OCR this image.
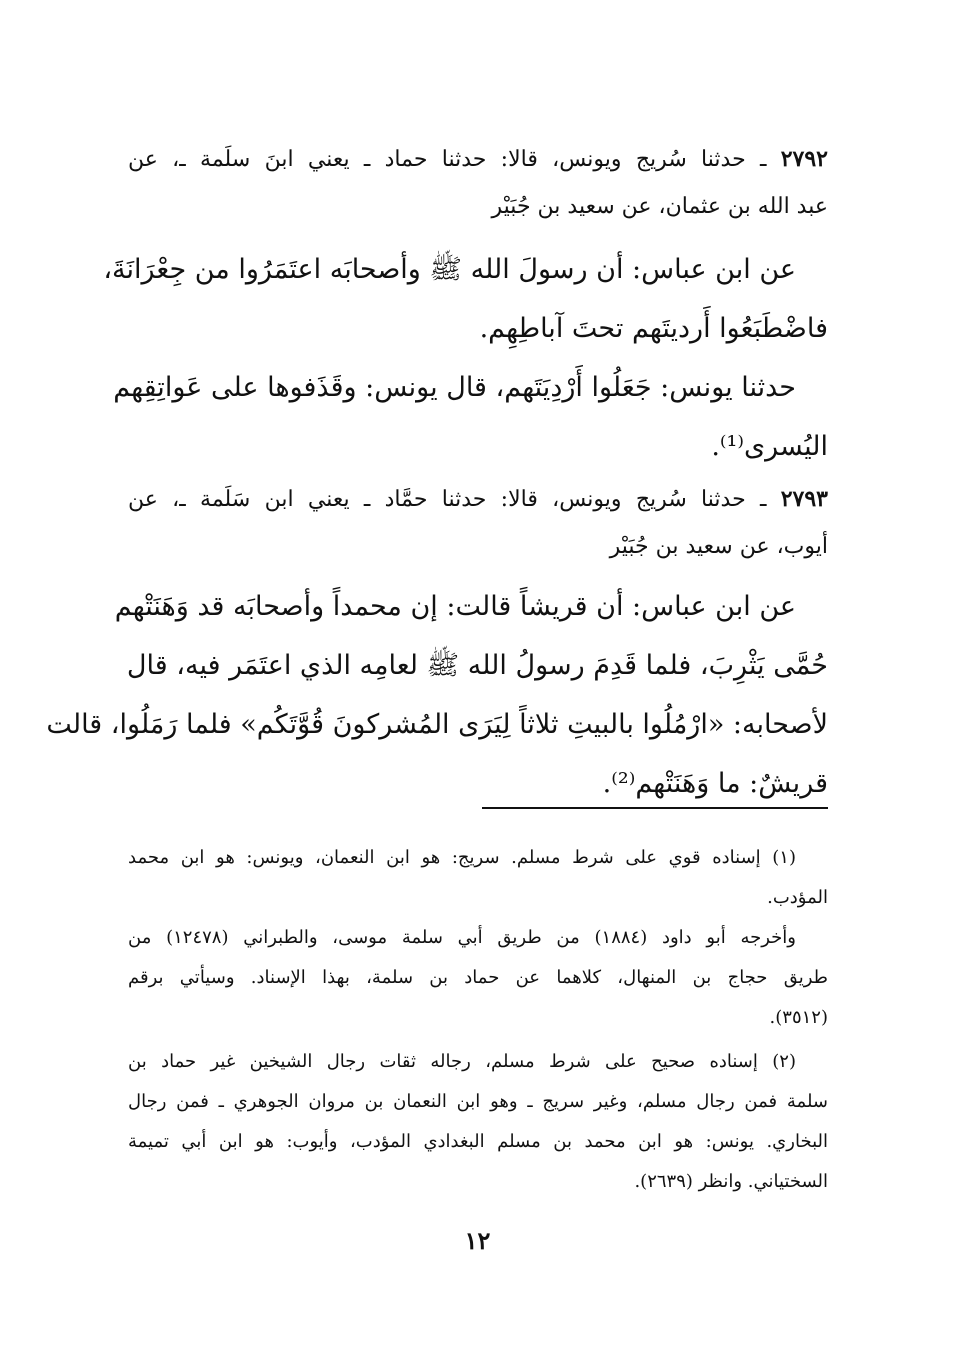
٢٧٩٢ ـ حدثنا سُريج ويونس، قالا: حدثنا حماد ـ يعني ابنَ سلَمة ـ، عن
عبد الله بن عثمان، عن سعيد بن جُبَيْر
عن ابن عباس: أن رسولَ الله ﷺ وأصحابَه اعتَمَرُوا من جِعْرَانَةَ،
فاضْطَبَعُوا أَرديتَهم تحتَ آباطِهِم.
حدثنا يونس: جَعَلُوا أَرْدِيَتَهم، قال يونس: وقَذَفوها على عَواتِقِهم
اليُسرى⁽¹⁾.
٢٧٩٣ ـ حدثنا سُريج ويونس، قالا: حدثنا حمَّاد ـ يعني ابن سَلَمة ـ، عن
أيوب، عن سعيد بن جُبَيْر
عن ابن عباس: أن قريشاً قالت: إن محمداً وأصحابَه قد وَهَنَتْهم
حُمَّى يَثْرِبَ، فلما قَدِمَ رسولُ الله ﷺ لعامِه الذي اعتَمَر فيه، قال
لأصحابه: «ارْمُلُوا بالبيتِ ثلاثاً لِيَرَى المُشركونَ قُوَّتَكُم» فلما رَمَلُوا، قالت
قريشٌ: ما وَهَنَتْهم⁽²⁾.
(١) إسناده قوي على شرط مسلم. سريج: هو ابن النعمان، ويونس: هو ابن محمد
المؤدب.
وأخرجه أبو داود (١٨٨٤) من طريق أبي سلمة موسى، والطبراني (١٢٤٧٨) من
طريق حجاج بن المنهال، كلاهما عن حماد بن سلمة، بهذا الإسناد. وسيأتي برقم
(٣٥١٢).
(٢) إسناده صحيح على شرط مسلم، رجاله ثقات رجال الشيخين غير حماد بن
سلمة فمن رجال مسلم، وغير سريج ـ وهو ابن النعمان بن مروان الجوهري ـ فمن رجال
البخاري. يونس: هو ابن محمد بن مسلم البغدادي المؤدب، وأيوب: هو ابن أبي تميمة
السختياني. وانظر (٢٦٣٩).
١٢
